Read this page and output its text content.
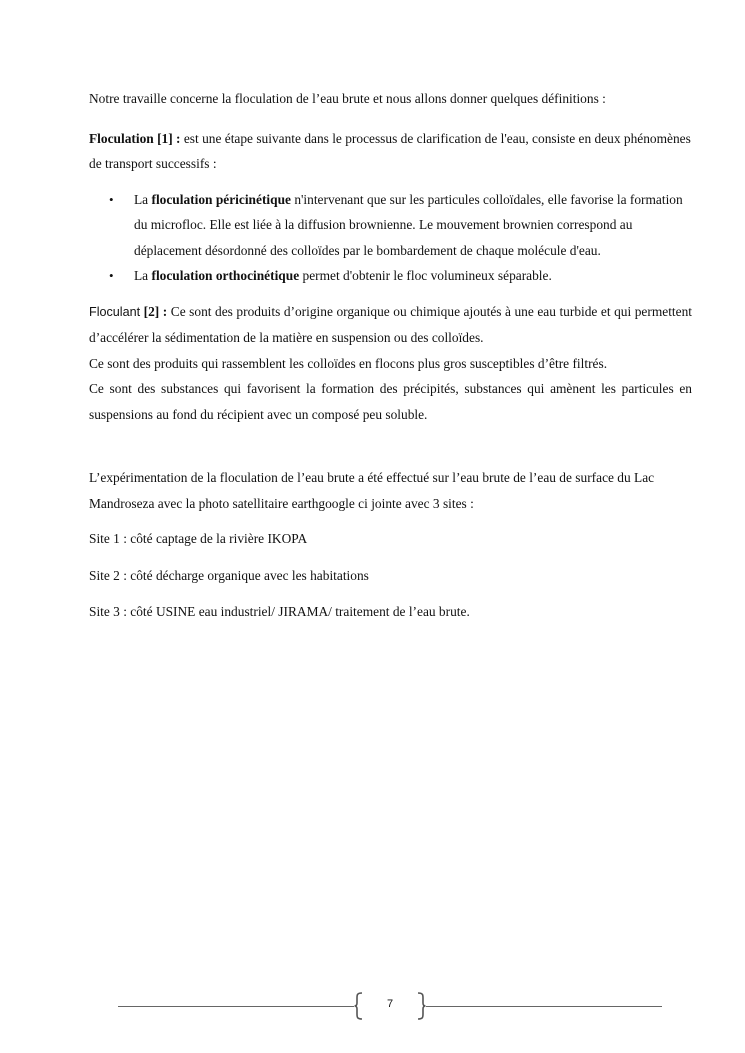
Notre travaille concerne la floculation de l’eau brute et nous allons donner quelques définitions :

Floculation [1] : est une étape suivante dans le processus de clarification de l'eau, consiste en deux phénomènes de transport successifs :

• La floculation péricinétique n'intervenant que sur les particules colloïdales, elle favorise la formation du microfloc. Elle est liée à la diffusion brownienne. Le mouvement brownien correspond au déplacement désordonné des colloïdes par le bombardement de chaque molécule d'eau.
• La floculation orthocinétique permet d'obtenir le floc volumineux séparable.

Floculant [2] : Ce sont des produits d’origine organique ou chimique ajoutés à une eau turbide et qui permettent d’accélérer la sédimentation de la matière en suspension ou des colloïdes.

Ce sont des produits qui rassemblent les colloïdes en flocons plus gros susceptibles d’être filtrés.

Ce sont des substances qui favorisent la formation des précipités, substances qui amènent les particules en suspensions au fond du récipient avec un composé peu soluble.

L’expérimentation de la floculation de l’eau brute a été effectué sur l’eau brute de l’eau de surface du Lac Mandroseza avec la photo satellitaire earthgoogle ci jointe avec 3 sites :

Site 1 : côté captage de la rivière IKOPA

Site 2 : côté décharge organique avec les habitations

Site 3 : côté USINE eau industriel/ JIRAMA/ traitement de l’eau brute.

7
